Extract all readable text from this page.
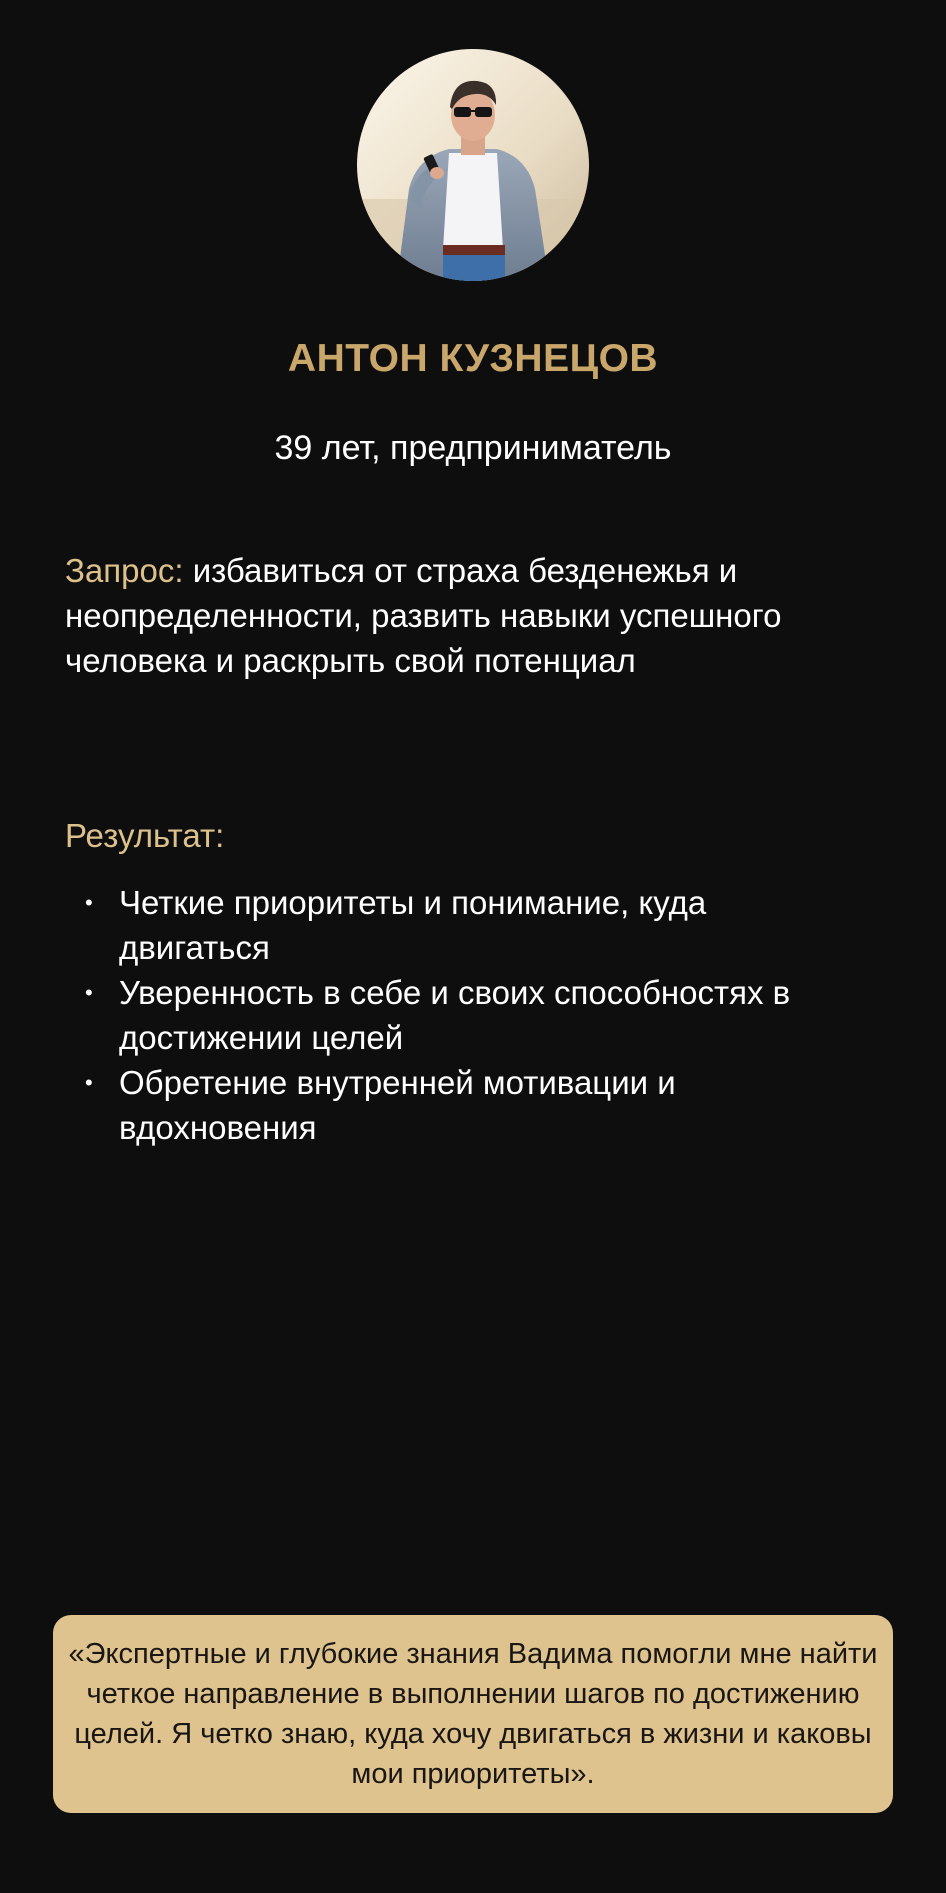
АНТОН КУЗНЕЦОВ

39 лет, предприниматель

Запрос: избавиться от страха безденежья и неопределенности, развить навыки успешного человека и раскрыть свой потенциал

Результат:

• Четкие приоритеты и понимание, куда двигаться
• Уверенность в себе и своих способностях в достижении целей
• Обретение внутренней мотивации и вдохновения

«Экспертные и глубокие знания Вадима помогли мне найти четкое направление в выполнении шагов по достижению целей. Я четко знаю, куда хочу двигаться в жизни и каковы мои приоритеты».
